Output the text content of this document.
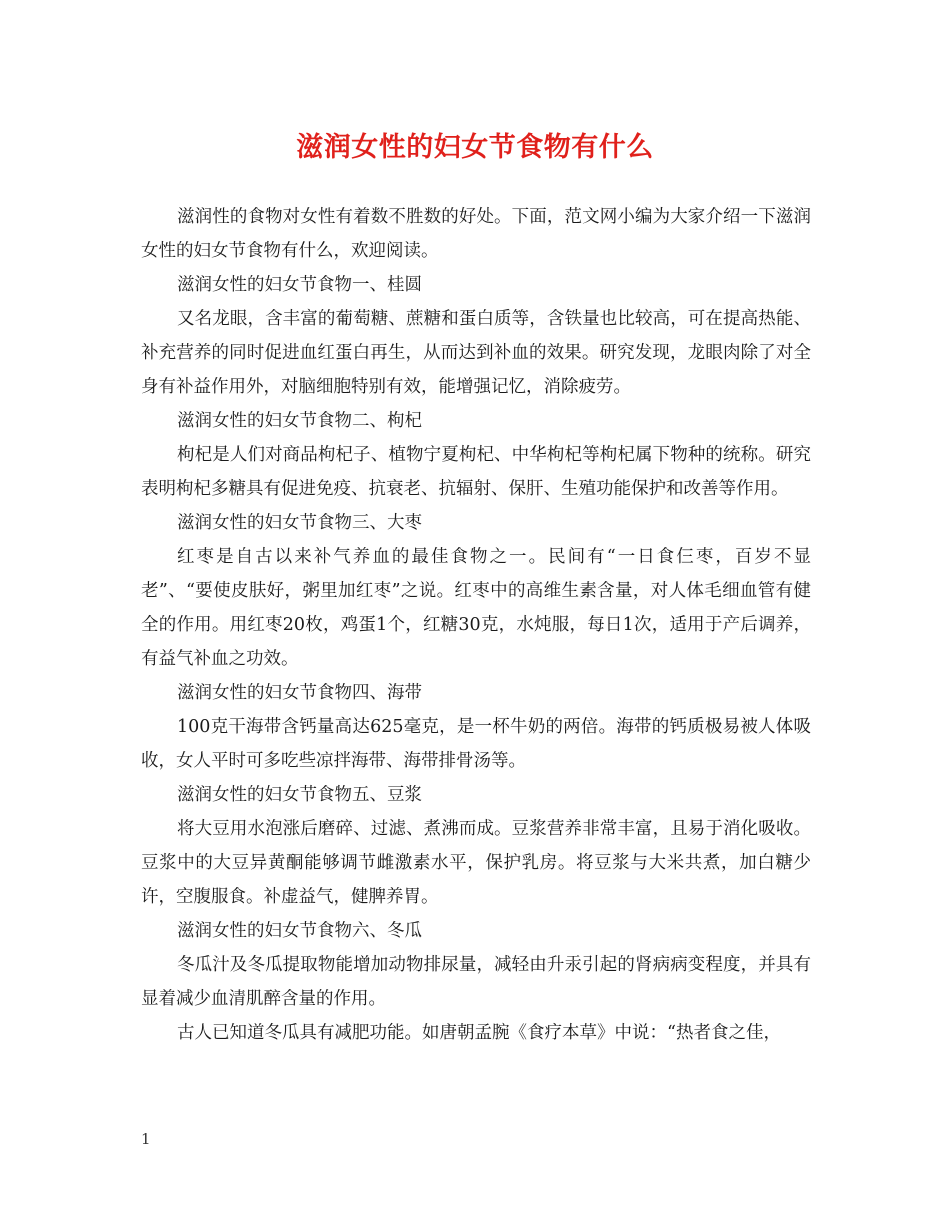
滋润女性的妇女节食物有什么

滋润性的食物对女性有着数不胜数的好处。下面，范文网小编为大家介绍一下滋润女性的妇女节食物有什么，欢迎阅读。

滋润女性的妇女节食物一、桂圆

又名龙眼，含丰富的葡萄糖、蔗糖和蛋白质等，含铁量也比较高，可在提高热能、补充营养的同时促进血红蛋白再生，从而达到补血的效果。研究发现，龙眼肉除了对全身有补益作用外，对脑细胞特别有效，能增强记忆，消除疲劳。

滋润女性的妇女节食物二、枸杞

枸杞是人们对商品枸杞子、植物宁夏枸杞、中华枸杞等枸杞属下物种的统称。研究表明枸杞多糖具有促进免疫、抗衰老、抗辐射、保肝、生殖功能保护和改善等作用。

滋润女性的妇女节食物三、大枣

红枣是自古以来补气养血的最佳食物之一。民间有“一日食仨枣，百岁不显老”、“要使皮肤好，粥里加红枣”之说。红枣中的高维生素含量，对人体毛细血管有健全的作用。用红枣20枚，鸡蛋1个，红糖30克，水炖服，每日1次，适用于产后调养，有益气补血之功效。

滋润女性的妇女节食物四、海带

100克干海带含钙量高达625毫克，是一杯牛奶的两倍。海带的钙质极易被人体吸收，女人平时可多吃些凉拌海带、海带排骨汤等。

滋润女性的妇女节食物五、豆浆

将大豆用水泡涨后磨碎、过滤、煮沸而成。豆浆营养非常丰富，且易于消化吸收。豆浆中的大豆异黄酮能够调节雌激素水平，保护乳房。将豆浆与大米共煮，加白糖少许，空腹服食。补虚益气，健脾养胃。

滋润女性的妇女节食物六、冬瓜

冬瓜汁及冬瓜提取物能增加动物排尿量，减轻由升汞引起的肾病病变程度，并具有显着减少血清肌醉含量的作用。

古人已知道冬瓜具有减肥功能。如唐朝孟腕《食疗本草》中说：“热者食之佳，

1
